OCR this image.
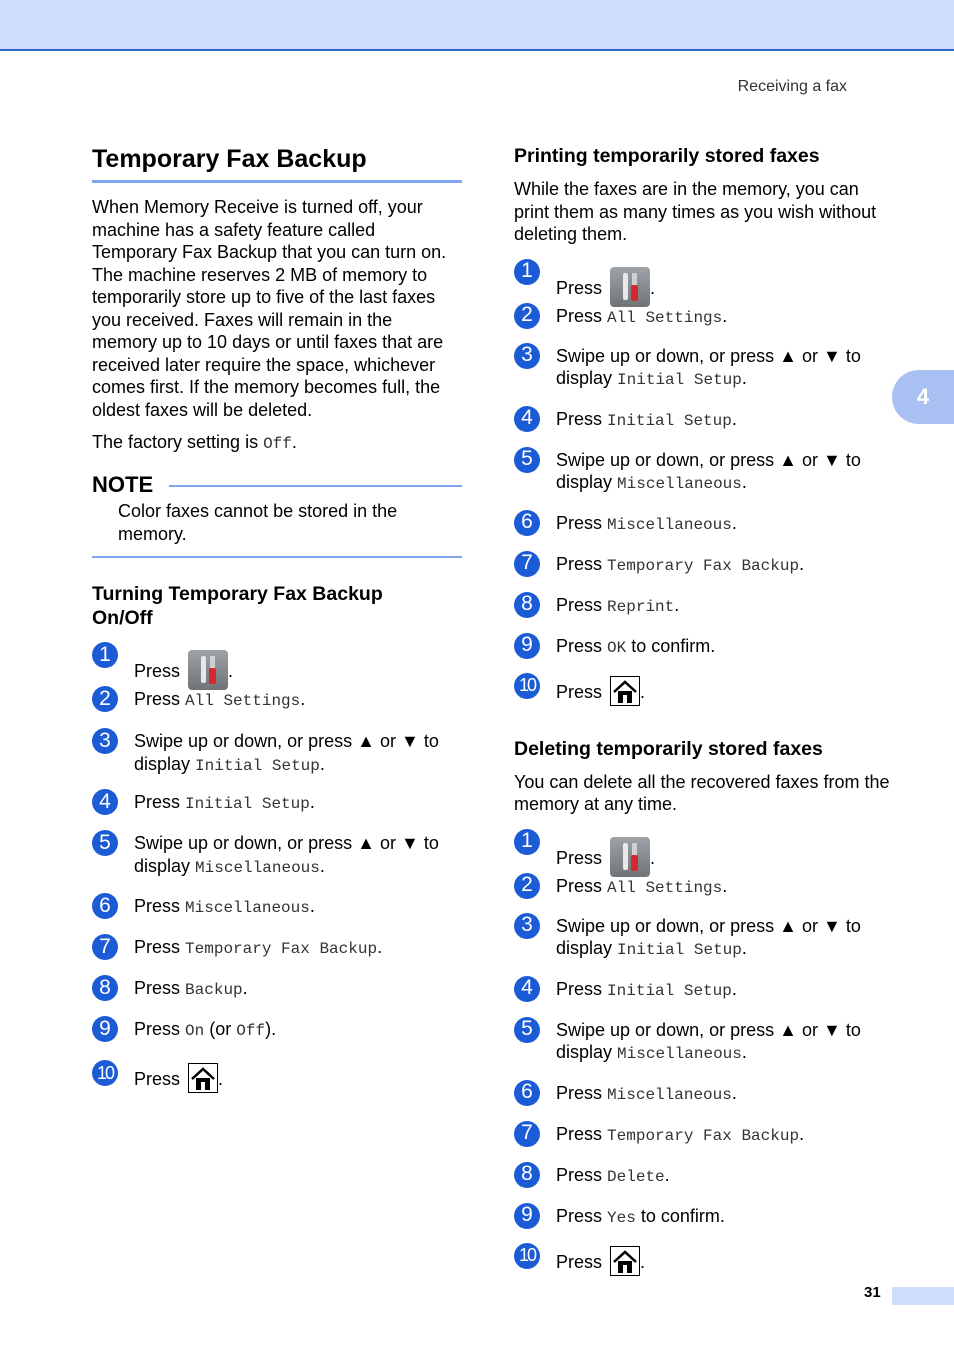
Receiving a fax
4
Temporary Fax Backup

When Memory Receive is turned off, your machine has a safety feature called Temporary Fax Backup that you can turn on. The machine reserves 2 MB of memory to temporarily store up to five of the last faxes you received. Faxes will remain in the memory up to 10 days or until faxes that are received later require the space, whichever comes first. If the memory becomes full, the oldest faxes will be deleted.

The factory setting is Off.

NOTE
Color faxes cannot be stored in the memory.
Turning Temporary Fax Backup
On/Off
1
Press	.
2	Press All Settings.
3	Swipe up or down, or press ▲ or ▼ to
display Initial Setup.
4	Press Initial Setup.
5	Swipe up or down, or press ▲ or ▼ to
display Miscellaneous.
6	Press Miscellaneous.
7	Press Temporary Fax Backup.
8	Press Backup.
9	Press On (or Off).
10 Press .
Printing temporarily stored faxes

While the faxes are in the memory, you can print them as many times as you wish without deleting them.

1
Press	.
2	Press All Settings.
3	Swipe up or down, or press ▲ or ▼ to
display Initial Setup.
4	Press Initial Setup.
5	Swipe up or down, or press ▲ or ▼ to
display Miscellaneous.
6	Press Miscellaneous.
7	Press Temporary Fax Backup.
8	Press Reprint.
9	Press OK to confirm.
10 Press .
Deleting temporarily stored faxes

You can delete all the recovered faxes from the memory at any time.

1
Press	.
2	Press All Settings.
3	Swipe up or down, or press ▲ or ▼ to
display Initial Setup.
4	Press Initial Setup.
5	Swipe up or down, or press ▲ or ▼ to
display Miscellaneous.
6	Press Miscellaneous.
7	Press Temporary Fax Backup.
8	Press Delete.
9	Press Yes to confirm.
10 Press .
31
